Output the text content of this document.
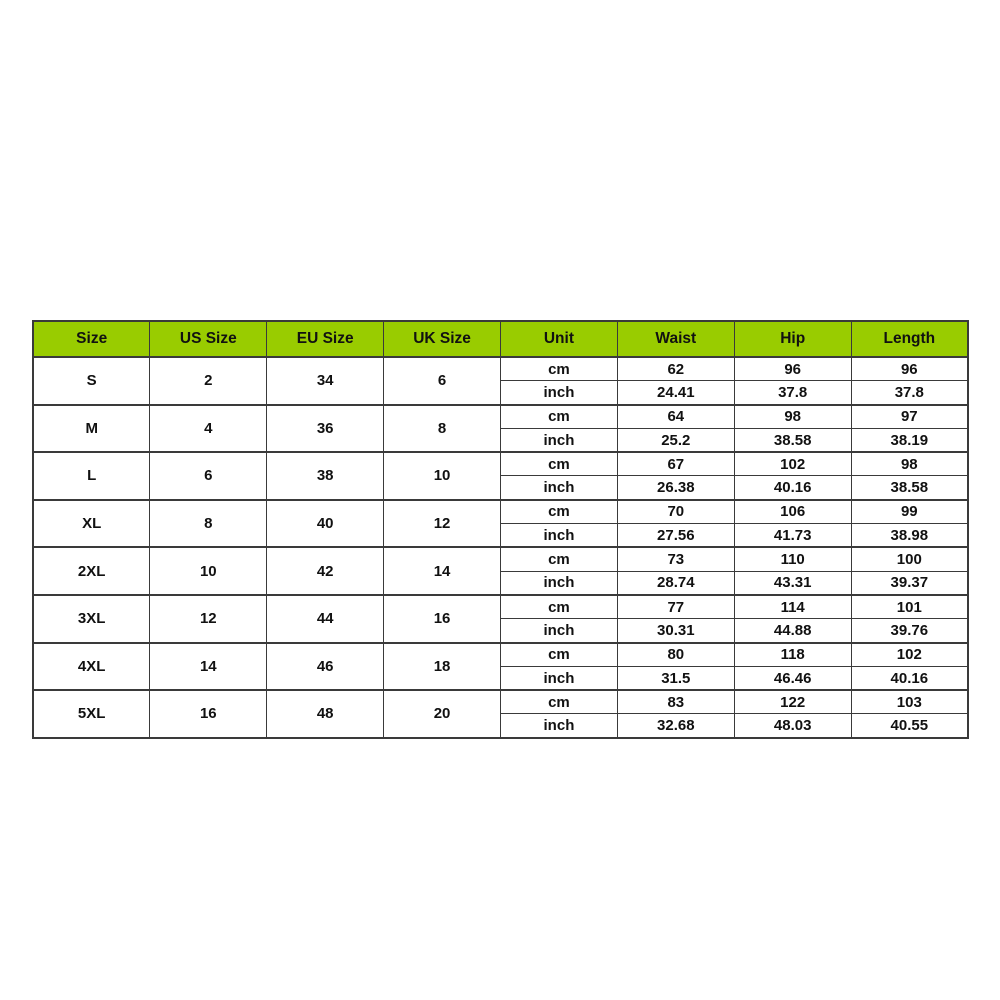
Size	US Size	EU Size	UK Size	Unit	Waist	Hip	Length
S	2	34	6	cm	62	96	96
				inch	24.41	37.8	37.8
M	4	36	8	cm	64	98	97
				inch	25.2	38.58	38.19
L	6	38	10	cm	67	102	98
				inch	26.38	40.16	38.58
XL	8	40	12	cm	70	106	99
				inch	27.56	41.73	38.98
2XL	10	42	14	cm	73	110	100
				inch	28.74	43.31	39.37
3XL	12	44	16	cm	77	114	101
				inch	30.31	44.88	39.76
4XL	14	46	18	cm	80	118	102
				inch	31.5	46.46	40.16
5XL	16	48	20	cm	83	122	103
				inch	32.68	48.03	40.55
